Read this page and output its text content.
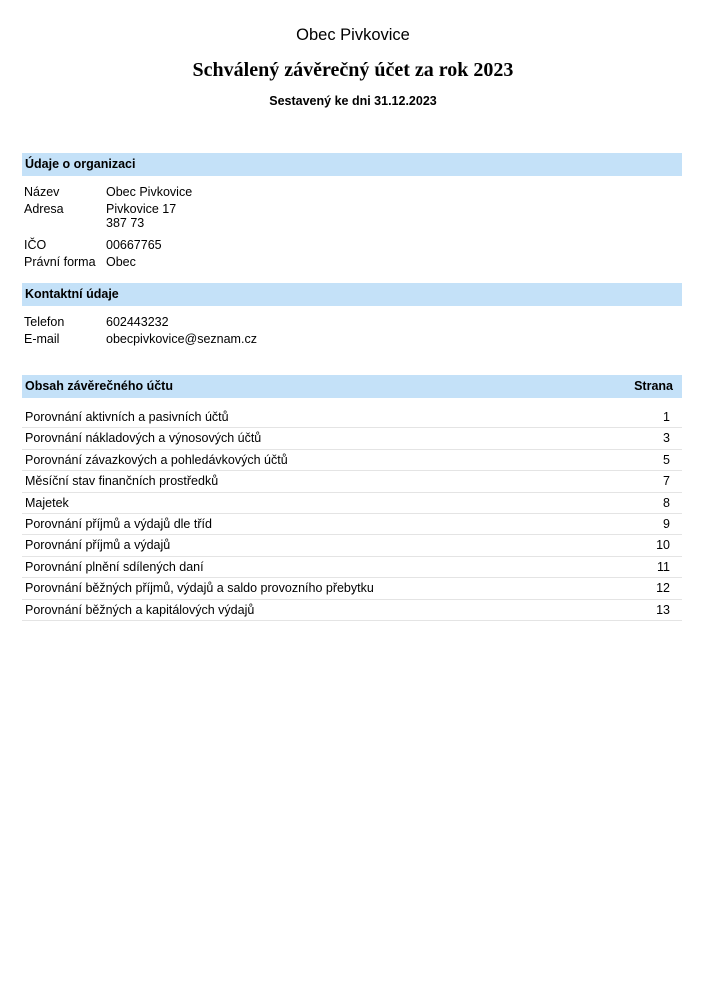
Obec Pivkovice
Schválený závěrečný účet za rok 2023
Sestavený ke dni 31.12.2023
Údaje o organizaci
Název	Obec Pivkovice
Adresa	Pivkovice 17
387 73
IČO	00667765
Právní forma Obec
Kontaktní údaje
Telefon	602443232
E-mail	obecpivkovice@seznam.cz
Obsah závěrečného účtu	Strana
Porovnání aktivních a pasivních účtů	1
Porovnání nákladových a výnosových účtů	3
Porovnání závazkových a pohledávkových účtů	5
Měsíční stav finančních prostředků	7
Majetek	8
Porovnání příjmů a výdajů dle tříd	9
Porovnání příjmů a výdajů	10
Porovnání plnění sdílených daní	11
Porovnání běžných příjmů, výdajů a saldo provozního přebytku	12
Porovnání běžných a kapitálových výdajů	13
